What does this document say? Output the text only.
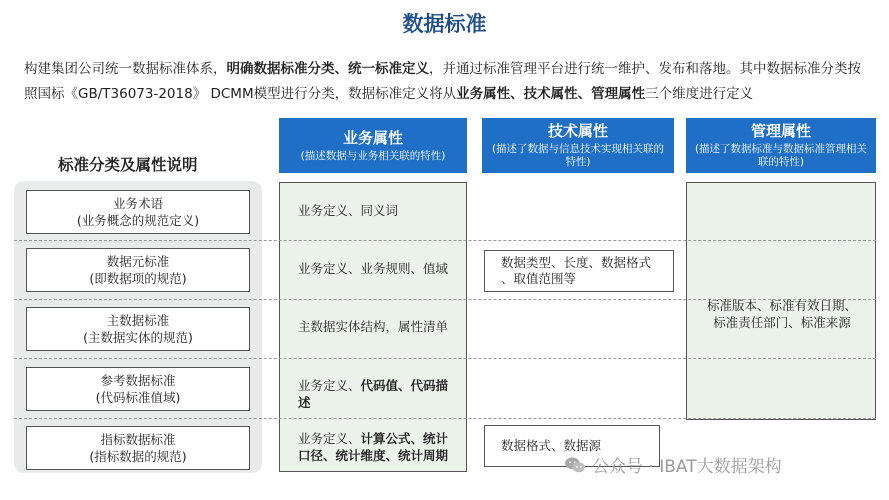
数据标准
构建集团公司统一数据标准体系，明确数据标准分类、统一标准定义，并通过标准管理平台进行统一维护、发布和落地。其中数据标准分类按照国标《GB/T36073-2018》 DCMM模型进行分类，数据标准定义将从业务属性、技术属性、管理属性三个维度进行定义
标准分类及属性说明
业务属性
(描述数据与业务相关联的特性)
技术属性
(描述了数据与信息技术实现相关联的特性)
管理属性
(描述了数据标准与数据标准管理相关联的特性)
业务术语
(业务概念的规范定义)
数据元标准
(即数据项的规范)
主数据标准
(主数据实体的规范)
参考数据标准
(代码标准值域)
指标数据标准
(指标数据的规范)
业务定义、同义词
业务定义、业务规则、值域
主数据实体结构，属性清单
业务定义、代码值、代码描述
业务定义、计算公式、统计口径、统计维度、统计周期
数据类型、长度、数据格式
、取值范围等
数据格式、数据源
标准版本、标准有效日期、
标准责任部门、标准来源
公众号 · IBAT大数据架构
